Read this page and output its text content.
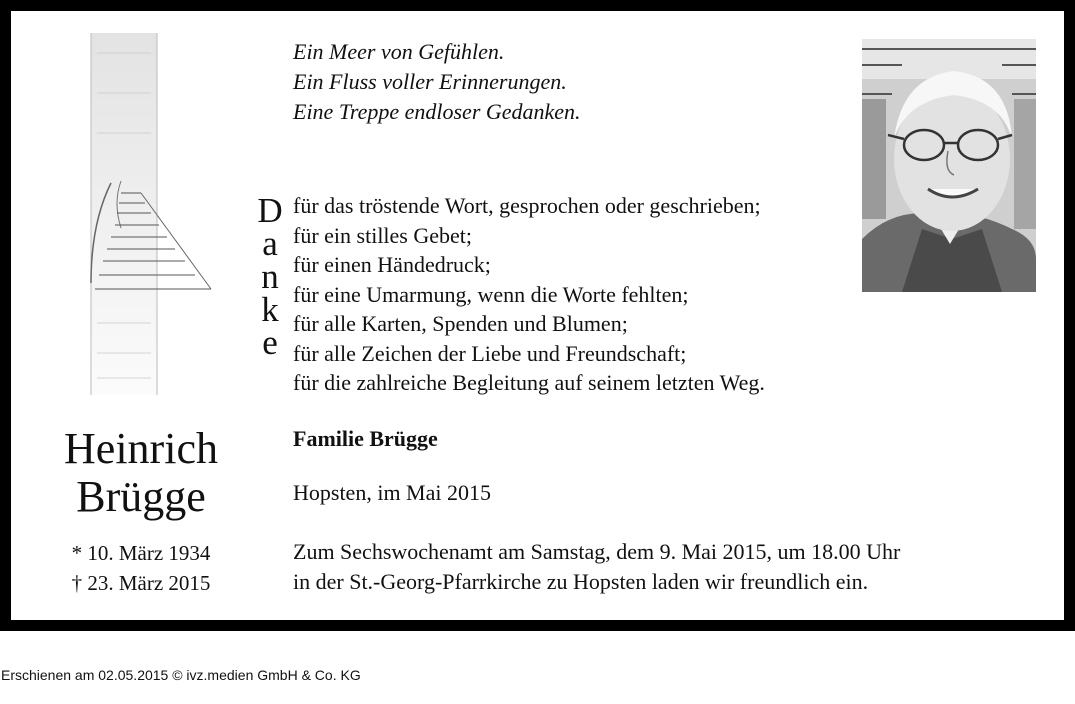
Heinrich
Brügge
* 10. März 1934
† 23. März 2015
Ein Meer von Gefühlen.
Ein Fluss voller Erinnerungen.
Eine Treppe endloser Gedanken.
D
a
n
k
e
für das tröstende Wort, gesprochen oder geschrieben;
für ein stilles Gebet;
für einen Händedruck;
für eine Umarmung, wenn die Worte fehlten;
für alle Karten, Spenden und Blumen;
für alle Zeichen der Liebe und Freundschaft;
für die zahlreiche Begleitung auf seinem letzten Weg.
Familie Brügge
Hopsten, im Mai 2015
Zum Sechswochenamt am Samstag, dem 9. Mai 2015, um 18.00 Uhr
in der St.-Georg-Pfarrkirche zu Hopsten laden wir freundlich ein.
Erschienen am 02.05.2015 © ivz.medien GmbH & Co. KG
